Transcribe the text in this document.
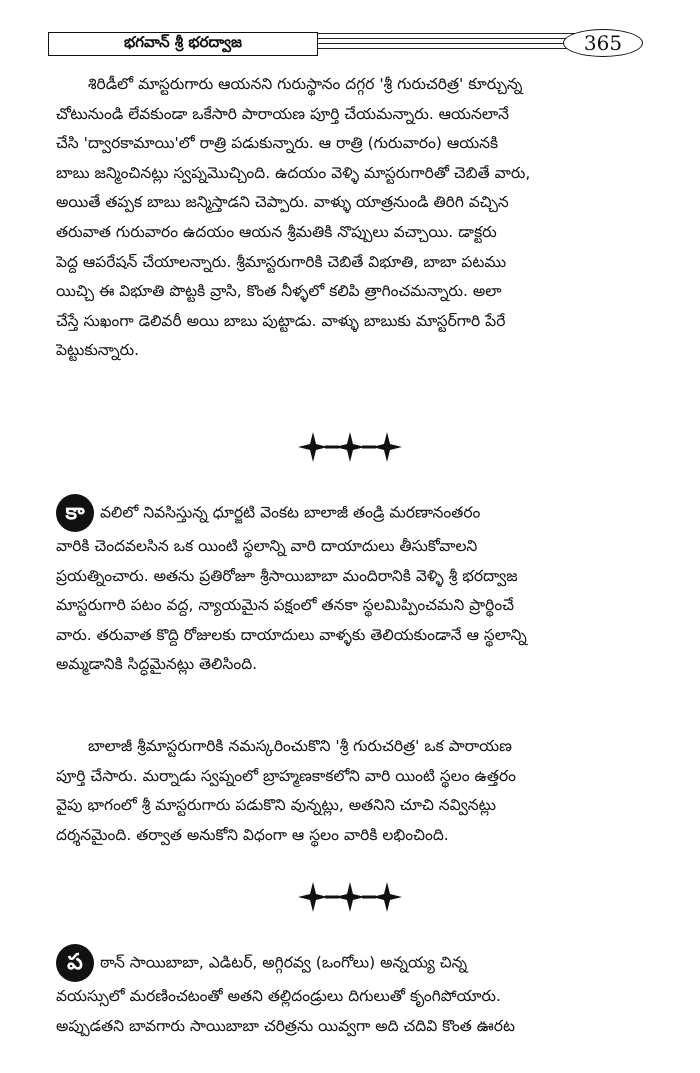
భగవాన్ శ్రీ భరద్వాజ	365
శిరిడీలో మాస్టరుగారు ఆయనని గురుస్థానం దగ్గర 'శ్రీ గురుచరిత్ర' కూర్చున్న
చోటునుండి లేవకుండా ఒకేసారి పారాయణ పూర్తి చేయమన్నారు. ఆయనలానే
చేసి 'ద్వారకామాయి'లో రాత్రి పడుకున్నారు. ఆ రాత్రి (గురువారం) ఆయనకి
బాబు జన్మించినట్లు స్వప్నమొచ్చింది. ఉదయం వెళ్ళి మాస్టరుగారితో చెబితే వారు,
అయితే తప్పక బాబు జన్మిస్తాడని చెప్పారు. వాళ్ళు యాత్రనుండి తిరిగి వచ్చిన
తరువాత గురువారం ఉదయం ఆయన శ్రీమతికి నొప్పులు వచ్చాయి. డాక్టరు
పెద్ద ఆపరేషన్ చేయాలన్నారు. శ్రీమాస్టరుగారికి చెబితే విభూతి, బాబా పటము
యిచ్చి ఈ విభూతి పొట్టకి వ్రాసి, కొంత నీళ్ళలో కలిపి త్రాగించమన్నారు. అలా
చేస్తే సుఖంగా డెలివరీ అయి బాబు పుట్టాడు. వాళ్ళు బాబుకు మాస్టర్‌గారి పేరే
పెట్టుకున్నారు.
కా వలిలో నివసిస్తున్న ధూర్జటి వెంకట బాలాజీ తండ్రి మరణానంతరం
వారికి చెందవలసిన ఒక యింటి స్థలాన్ని వారి దాయాదులు తీసుకోవాలని
ప్రయత్నించారు. అతను ప్రతిరోజూ శ్రీసాయిబాబా మందిరానికి వెళ్ళి శ్రీ భరద్వాజ
మాస్టరుగారి పటం వద్ద, న్యాయమైన పక్షంలో తనకా స్థలమిప్పించమని ప్రార్థించే
వారు. తరువాత కొద్ది రోజులకు దాయాదులు వాళ్ళకు తెలియకుండానే ఆ స్థలాన్ని
అమ్మడానికి సిద్ధమైనట్లు తెలిసింది.
బాలాజీ శ్రీమాస్టరుగారికి నమస్కరించుకొని 'శ్రీ గురుచరిత్ర' ఒక పారాయణ
పూర్తి చేసారు. మర్నాడు స్వప్నంలో బ్రాహ్మణకాకలోని వారి యింటి స్థలం ఉత్తరం
వైపు భాగంలో శ్రీ మాస్టరుగారు పడుకొని వున్నట్లు, అతనిని చూచి నవ్వినట్లు
దర్శనమైంది. తర్వాత అనుకోని విధంగా ఆ స్థలం వారికి లభించింది.
ప ఠాన్ సాయిబాబా, ఎడిటర్, అగ్గిరవ్వ (ఒంగోలు) అన్నయ్య చిన్న
వయస్సులో మరణించటంతో అతని తల్లిదండ్రులు దిగులుతో కృంగిపోయారు.
అప్పుడతని బావగారు సాయిబాబా చరిత్రను యివ్వగా అది చదివి కొంత ఊరట
